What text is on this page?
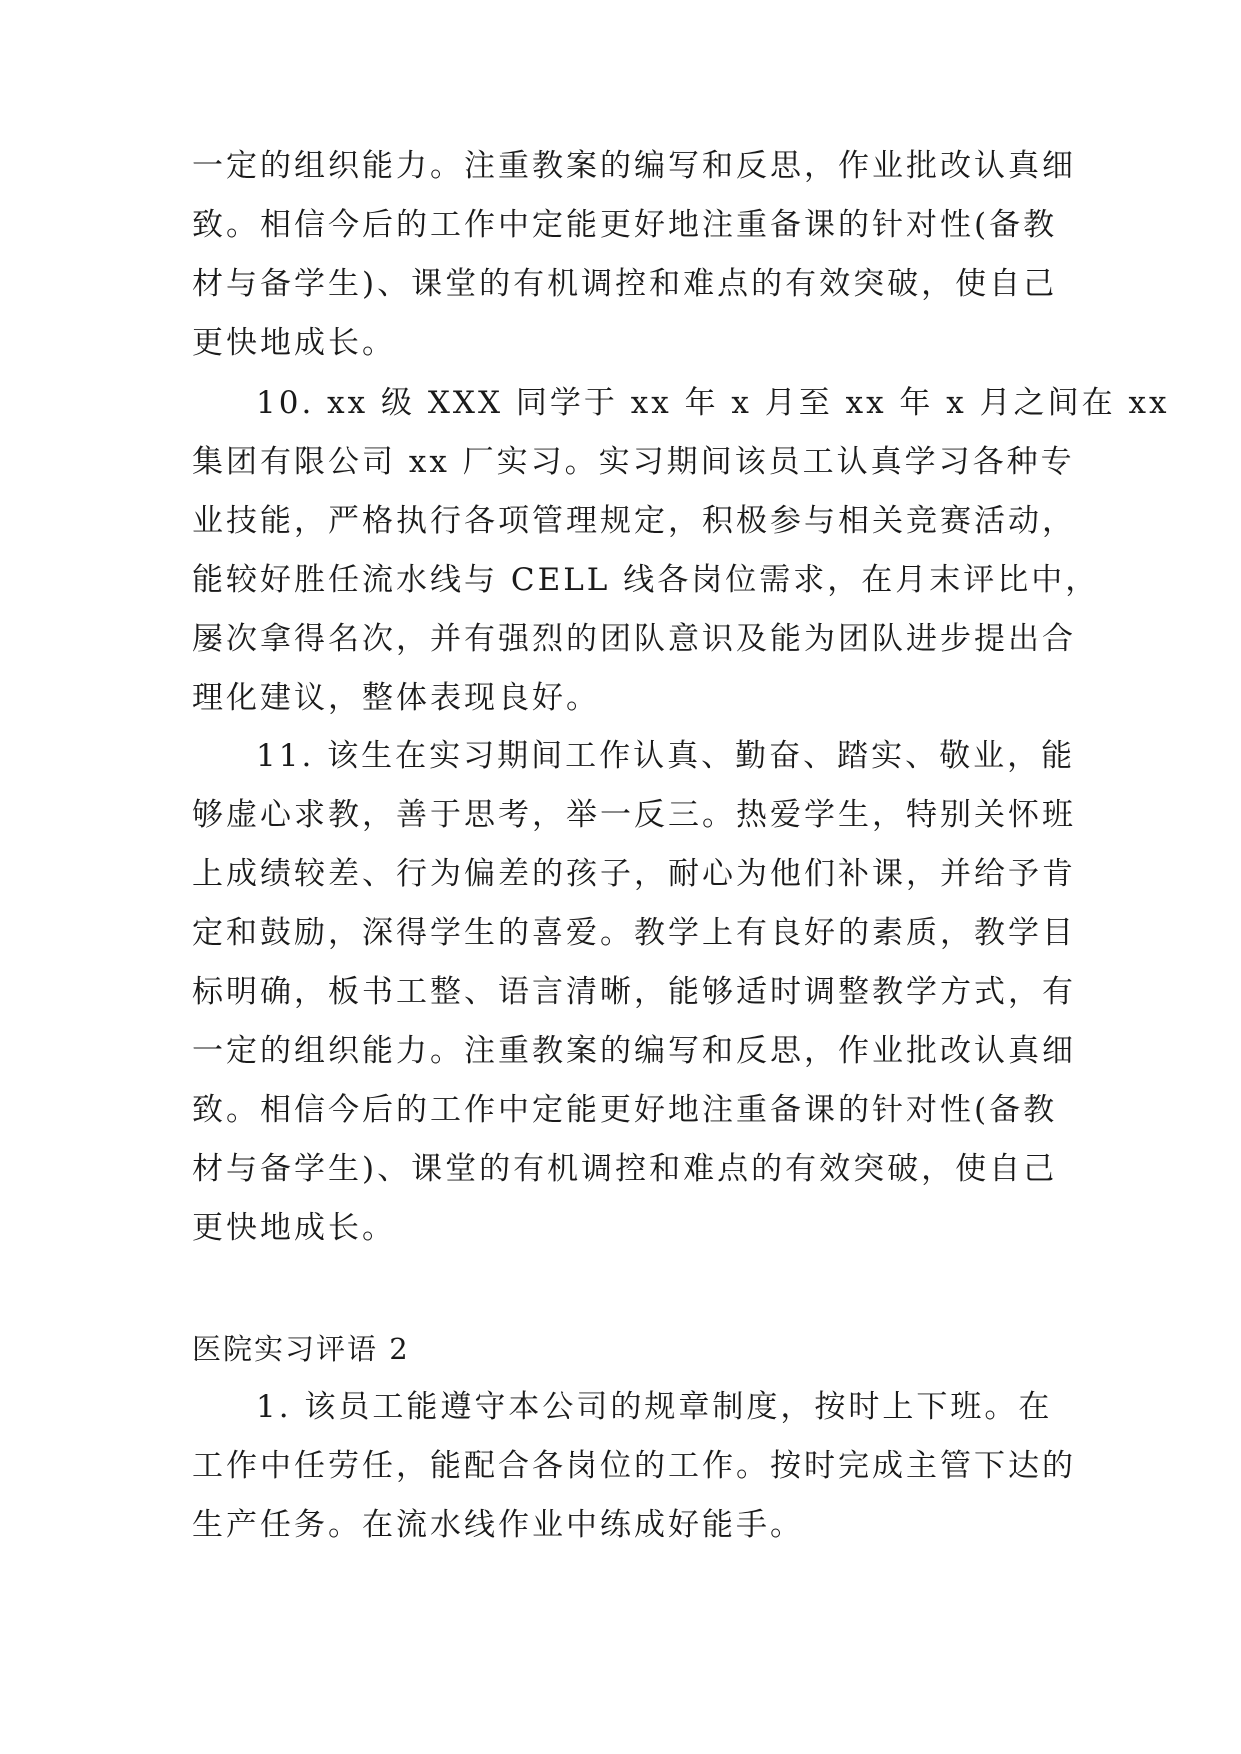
一定的组织能力。注重教案的编写和反思，作业批改认真细
致。相信今后的工作中定能更好地注重备课的针对性(备教
材与备学生)、课堂的有机调控和难点的有效突破，使自己
更快地成长。
10. xx 级 XXX 同学于 xx 年 x 月至 xx 年 x 月之间在 xx
集团有限公司 xx 厂实习。实习期间该员工认真学习各种专
业技能，严格执行各项管理规定，积极参与相关竞赛活动，
能较好胜任流水线与 CELL 线各岗位需求，在月末评比中，
屡次拿得名次，并有强烈的团队意识及能为团队进步提出合
理化建议，整体表现良好。
11. 该生在实习期间工作认真、勤奋、踏实、敬业，能
够虚心求教，善于思考，举一反三。热爱学生，特别关怀班
上成绩较差、行为偏差的孩子，耐心为他们补课，并给予肯
定和鼓励，深得学生的喜爱。教学上有良好的素质，教学目
标明确，板书工整、语言清晰，能够适时调整教学方式，有
一定的组织能力。注重教案的编写和反思，作业批改认真细
致。相信今后的工作中定能更好地注重备课的针对性(备教
材与备学生)、课堂的有机调控和难点的有效突破，使自己
更快地成长。
医院实习评语 2
1. 该员工能遵守本公司的规章制度，按时上下班。在
工作中任劳任，能配合各岗位的工作。按时完成主管下达的
生产任务。在流水线作业中练成好能手。
